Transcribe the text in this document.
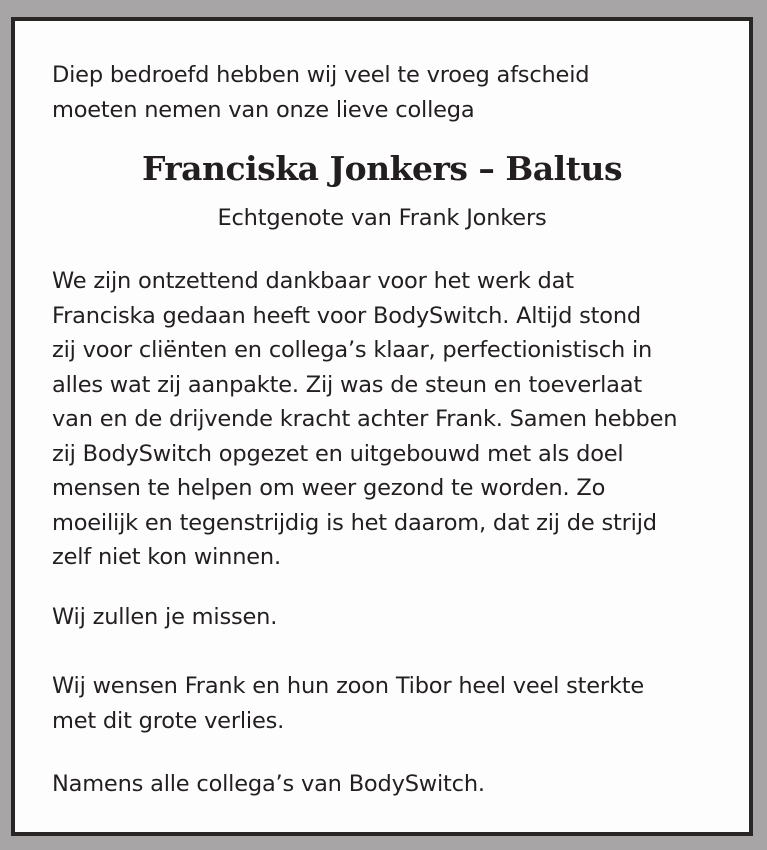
Diep bedroefd hebben wij veel te vroeg afscheid
moeten nemen van onze lieve collega

Franciska Jonkers – Baltus

Echtgenote van Frank Jonkers

We zijn ontzettend dankbaar voor het werk dat
Franciska gedaan heeft voor BodySwitch. Altijd stond
zij voor cliënten en collega’s klaar, perfectionistisch in
alles wat zij aanpakte. Zij was de steun en toeverlaat
van en de drijvende kracht achter Frank. Samen hebben
zij BodySwitch opgezet en uitgebouwd met als doel
mensen te helpen om weer gezond te worden. Zo
moeilijk en tegenstrijdig is het daarom, dat zij de strijd
zelf niet kon winnen.

Wij zullen je missen.

Wij wensen Frank en hun zoon Tibor heel veel sterkte
met dit grote verlies.

Namens alle collega’s van BodySwitch.
